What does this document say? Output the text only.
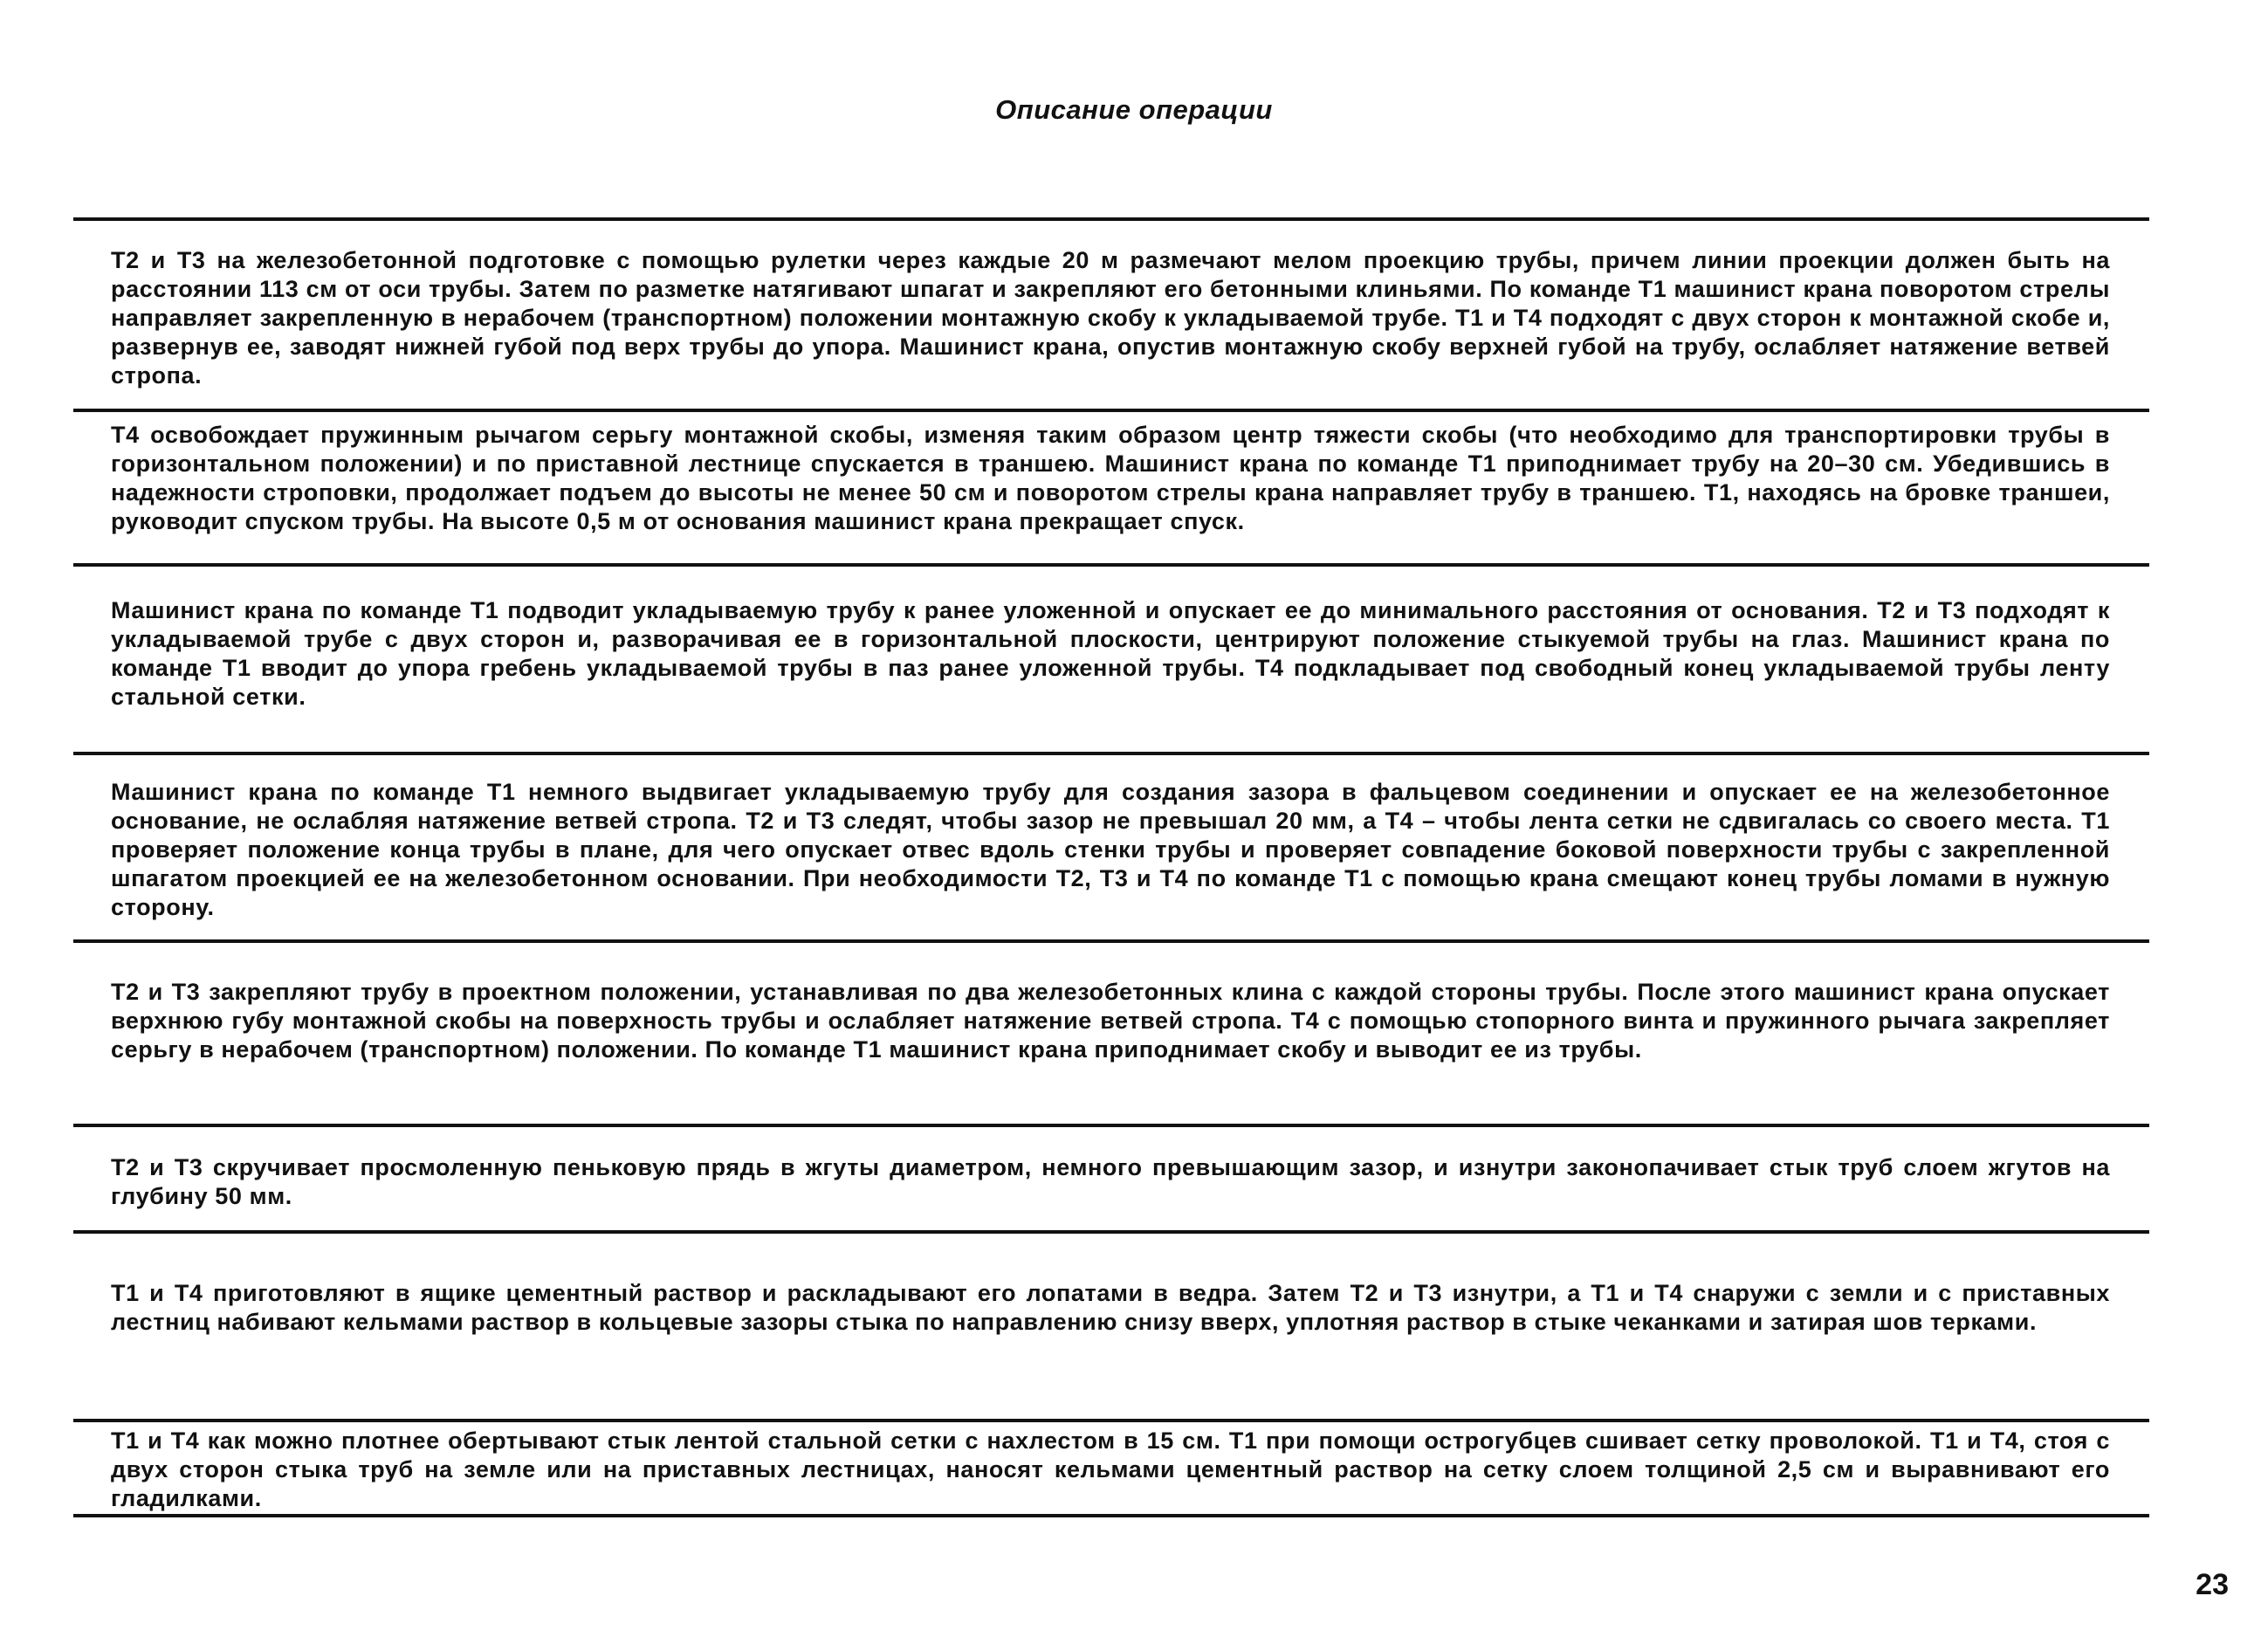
Описание операции

Т2 и Т3 на железобетонной подготовке с помощью рулетки через каждые 20 м размечают мелом проекцию трубы, причем линии проекции должен быть на расстоянии 113 см от оси трубы. Затем по разметке натягивают шпагат и закрепляют его бетонными клиньями. По команде Т1 машинист крана поворотом стрелы направляет закрепленную в нерабочем (транспортном) положении монтажную скобу к укладываемой трубе. Т1 и Т4 подходят с двух сторон к монтажной скобе и, развернув ее, заводят нижней губой под верх трубы до упора. Машинист крана, опустив монтажную скобу верхней губой на трубу, ослабляет натяжение ветвей стропа.

Т4 освобождает пружинным рычагом серьгу монтажной скобы, изменяя таким образом центр тяжести скобы (что необходимо для транспортировки трубы в горизонтальном положении) и по приставной лестнице спускается в траншею. Машинист крана по команде Т1 приподнимает трубу на 20–30 см. Убедившись в надежности строповки, продолжает подъем до высоты не менее 50 см и поворотом стрелы крана направляет трубу в траншею. Т1, находясь на бровке траншеи, руководит спуском трубы. На высоте 0,5 м от основания машинист крана прекращает спуск.

Машинист крана по команде Т1 подводит укладываемую трубу к ранее уложенной и опускает ее до минимального расстояния от основания. Т2 и Т3 подходят к укладываемой трубе с двух сторон и, разворачивая ее в горизонтальной плоскости, центрируют положение стыкуемой трубы на глаз. Машинист крана по команде Т1 вводит до упора гребень укладываемой трубы в паз ранее уложенной трубы. Т4 подкладывает под свободный конец укладываемой трубы ленту стальной сетки.

Машинист крана по команде Т1 немного выдвигает укладываемую трубу для создания зазора в фальцевом соединении и опускает ее на железобетонное основание, не ослабляя натяжение ветвей стропа. Т2 и Т3 следят, чтобы зазор не превышал 20 мм, а Т4 – чтобы лента сетки не сдвигалась со своего места. Т1 проверяет положение конца трубы в плане, для чего опускает отвес вдоль стенки трубы и проверяет совпадение боковой поверхности трубы с закрепленной шпагатом проекцией ее на железобетонном основании. При необходимости Т2, Т3 и Т4 по команде Т1 с помощью крана смещают конец трубы ломами в нужную сторону.

Т2 и Т3 закрепляют трубу в проектном положении, устанавливая по два железобетонных клина с каждой стороны трубы. После этого машинист крана опускает верхнюю губу монтажной скобы на поверхность трубы и ослабляет натяжение ветвей стропа. Т4 с помощью стопорного винта и пружинного рычага закрепляет серьгу в нерабочем (транспортном) положении. По команде Т1 машинист крана приподнимает скобу и выводит ее из трубы.

Т2 и Т3 скручивает просмоленную пеньковую прядь в жгуты диаметром, немного превышающим зазор, и изнутри законопачивает стык труб слоем жгутов на глубину 50 мм.

Т1 и Т4 приготовляют в ящике цементный раствор и раскладывают его лопатами в ведра. Затем Т2 и Т3 изнутри, а Т1 и Т4 снаружи с земли и с приставных лестниц набивают кельмами раствор в кольцевые зазоры стыка по направлению снизу вверх, уплотняя раствор в стыке чеканками и затирая шов терками.

Т1 и Т4 как можно плотнее обертывают стык лентой стальной сетки с нахлестом в 15 см. Т1 при помощи острогубцев сшивает сетку проволокой. Т1 и Т4, стоя с двух сторон стыка труб на земле или на приставных лестницах, наносят кельмами цементный раствор на сетку слоем толщиной 2,5 см и выравнивают его гладилками.

23
